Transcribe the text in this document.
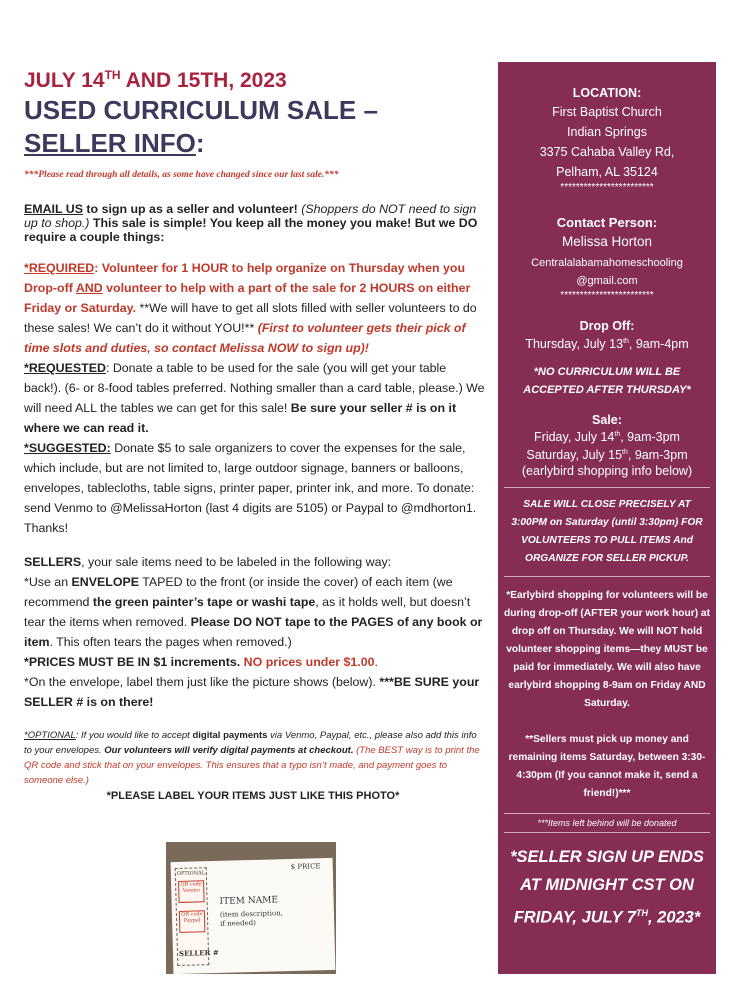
JULY 14TH AND 15TH, 2023

USED CURRICULUM SALE –

SELLER INFO:

***Please read through all details, as some have changed since our last sale.***

EMAIL US to sign up as a seller and volunteer! (Shoppers do NOT need to sign up to shop.) This sale is simple! You keep all the money you make! But we DO require a couple things:

*REQUIRED: Volunteer for 1 HOUR to help organize on Thursday when you Drop-off AND volunteer to help with a part of the sale for 2 HOURS on either Friday or Saturday. **We will have to get all slots filled with seller volunteers to do these sales! We can’t do it without YOU!** (First to volunteer gets their pick of time slots and duties, so contact Melissa NOW to sign up)!

*REQUESTED: Donate a table to be used for the sale (you will get your table back!). (6- or 8-food tables preferred. Nothing smaller than a card table, please.) We will need ALL the tables we can get for this sale! Be sure your seller # is on it where we can read it.

*SUGGESTED: Donate $5 to sale organizers to cover the expenses for the sale, which include, but are not limited to, large outdoor signage, banners or balloons, envelopes, tablecloths, table signs, printer paper, printer ink, and more. To donate: send Venmo to @MelissaHorton (last 4 digits are 5105) or Paypal to @mdhorton1. Thanks!

SELLERS, your sale items need to be labeled in the following way:
*Use an ENVELOPE TAPED to the front (or inside the cover) of each item (we recommend the green painter’s tape or washi tape, as it holds well, but doesn’t tear the items when removed. Please DO NOT tape to the PAGES of any book or item. This often tears the pages when removed.)
*PRICES MUST BE IN $1 increments. NO prices under $1.00.
*On the envelope, label them just like the picture shows (below). ***BE SURE your SELLER # is on there!

*OPTIONAL: If you would like to accept digital payments via Venmo, Paypal, etc., please also add this info to your envelopes. Our volunteers will verify digital payments at checkout. (The BEST way is to print the QR code and stick that on your envelopes. This ensures that a typo isn’t made, and payment goes to someone else.)

*PLEASE LABEL YOUR ITEMS JUST LIKE THIS PHOTO*

OPTIONAL:
QR code Venmo
QR code Paypal
SELLER #
$ PRICE
ITEM NAME
(item description, if needed)
LOCATION:
First Baptist Church
Indian Springs
3375 Cahaba Valley Rd,
Pelham, AL 35124
************************
Contact Person:
Melissa Horton
Centralalabamahomeschooling
@gmail.com
************************
Drop Off:
Thursday, July 13th, 9am-4pm
*NO CURRICULUM WILL BE ACCEPTED AFTER THURSDAY*
Sale:
Friday, July 14th, 9am-3pm
Saturday, July 15th, 9am-3pm
(earlybird shopping info below)
SALE WILL CLOSE PRECISELY AT 3:00PM on Saturday (until 3:30pm) FOR VOLUNTEERS TO PULL ITEMS And ORGANIZE FOR SELLER PICKUP.
*Earlybird shopping for volunteers will be during drop-off (AFTER your work hour) at drop off on Thursday. We will NOT hold volunteer shopping items—they MUST be paid for immediately. We will also have earlybird shopping 8-9am on Friday AND Saturday.
**Sellers must pick up money and remaining items Saturday, between 3:30-4:30pm (If you cannot make it, send a friend!)***
***Items left behind will be donated
*SELLER SIGN UP ENDS AT MIDNIGHT CST ON FRIDAY, JULY 7TH, 2023*
